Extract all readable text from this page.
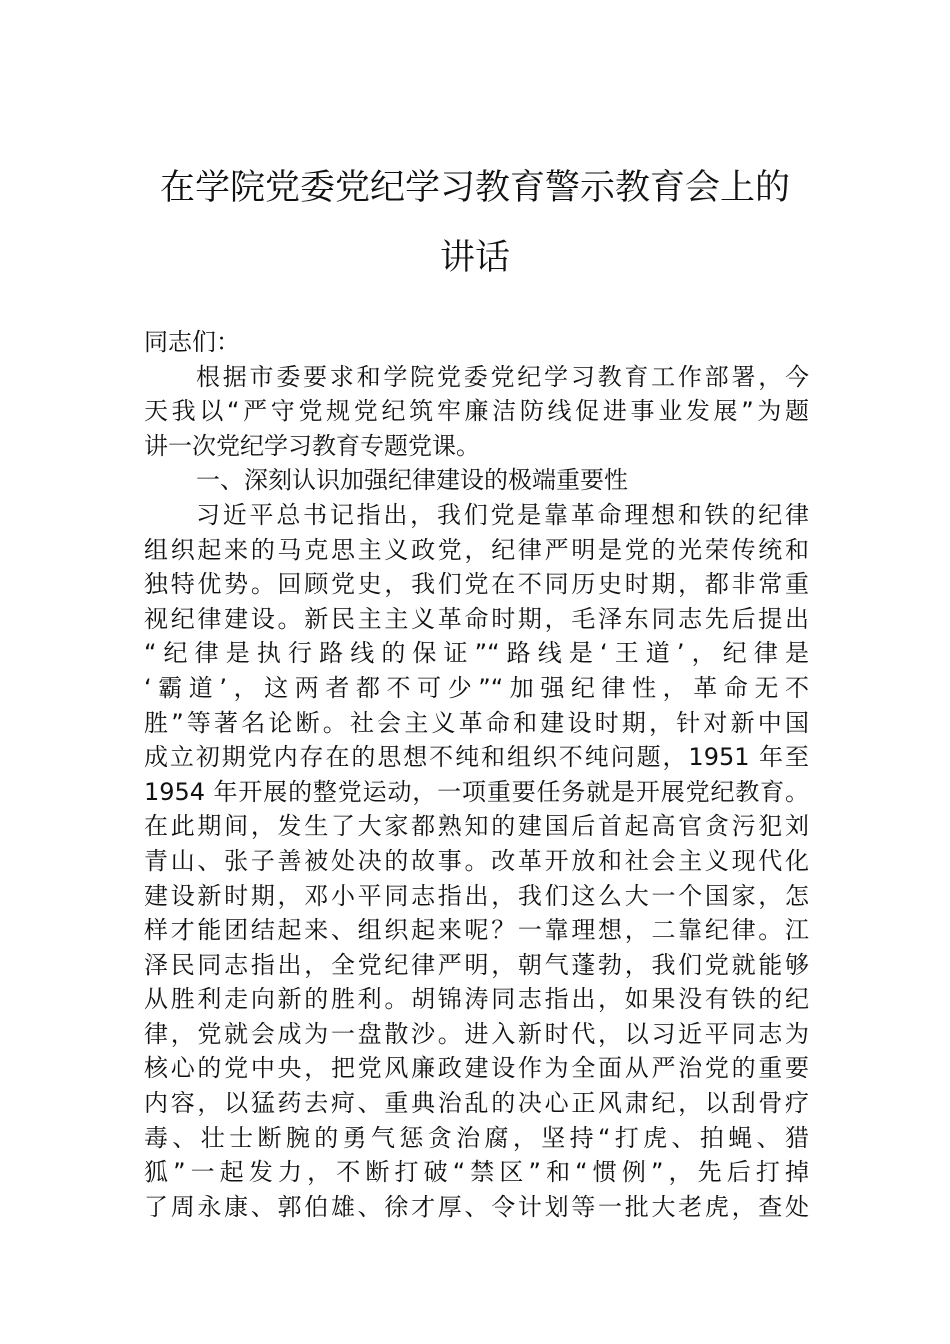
在学院党委党纪学习教育警示教育会上的
讲话
同志们：
根据市委要求和学院党委党纪学习教育工作部署，今
天我以“严守党规党纪筑牢廉洁防线促进事业发展”为题
讲一次党纪学习教育专题党课。
一、深刻认识加强纪律建设的极端重要性
习近平总书记指出，我们党是靠革命理想和铁的纪律
组织起来的马克思主义政党，纪律严明是党的光荣传统和
独特优势。回顾党史，我们党在不同历史时期，都非常重
视纪律建设。新民主主义革命时期，毛泽东同志先后提出
“纪律是执行路线的保证”“路线是‘王道’，纪律是
‘霸道’，这两者都不可少”“加强纪律性，革命无不
胜”等著名论断。社会主义革命和建设时期，针对新中国
成立初期党内存在的思想不纯和组织不纯问题，1951 年至
1954 年开展的整党运动，一项重要任务就是开展党纪教育。
在此期间，发生了大家都熟知的建国后首起高官贪污犯刘
青山、张子善被处决的故事。改革开放和社会主义现代化
建设新时期，邓小平同志指出，我们这么大一个国家，怎
样才能团结起来、组织起来呢？一靠理想，二靠纪律。江
泽民同志指出，全党纪律严明，朝气蓬勃，我们党就能够
从胜利走向新的胜利。胡锦涛同志指出，如果没有铁的纪
律，党就会成为一盘散沙。进入新时代，以习近平同志为
核心的党中央，把党风廉政建设作为全面从严治党的重要
内容，以猛药去疴、重典治乱的决心正风肃纪，以刮骨疗
毒、壮士断腕的勇气惩贪治腐，坚持“打虎、拍蝇、猎
狐”一起发力，不断打破“禁区”和“惯例”，先后打掉
了周永康、郭伯雄、徐才厚、令计划等一批大老虎，查处
